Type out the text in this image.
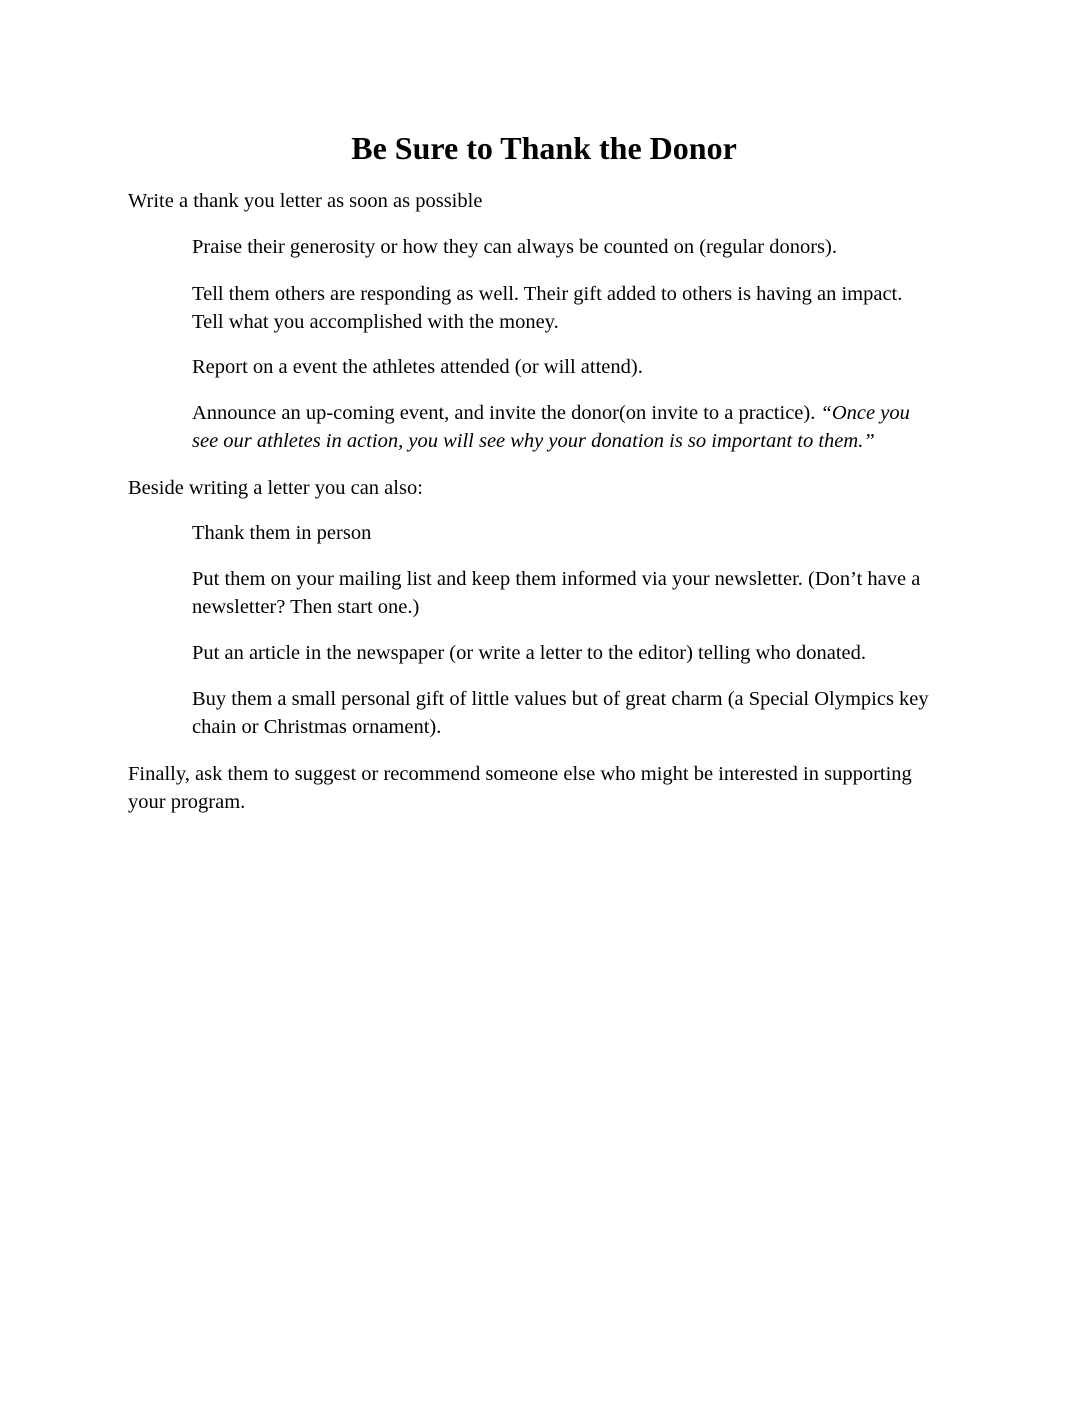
Be Sure to Thank the Donor

Write a thank you letter as soon as possible

Praise their generosity or how they can always be counted on (regular donors).

Tell them others are responding as well. Their gift added to others is having an impact.
Tell what you accomplished with the money.

Report on a event the athletes attended (or will attend).

Announce an up-coming event, and invite the donor(on invite to a practice). “Once you
see our athletes in action, you will see why your donation is so important to them.”

Beside writing a letter you can also:

Thank them in person

Put them on your mailing list and keep them informed via your newsletter. (Don’t have a
newsletter? Then start one.)

Put an article in the newspaper (or write a letter to the editor) telling who donated.

Buy them a small personal gift of little values but of great charm (a Special Olympics key
chain or Christmas ornament).

Finally, ask them to suggest or recommend someone else who might be interested in supporting
your program.
